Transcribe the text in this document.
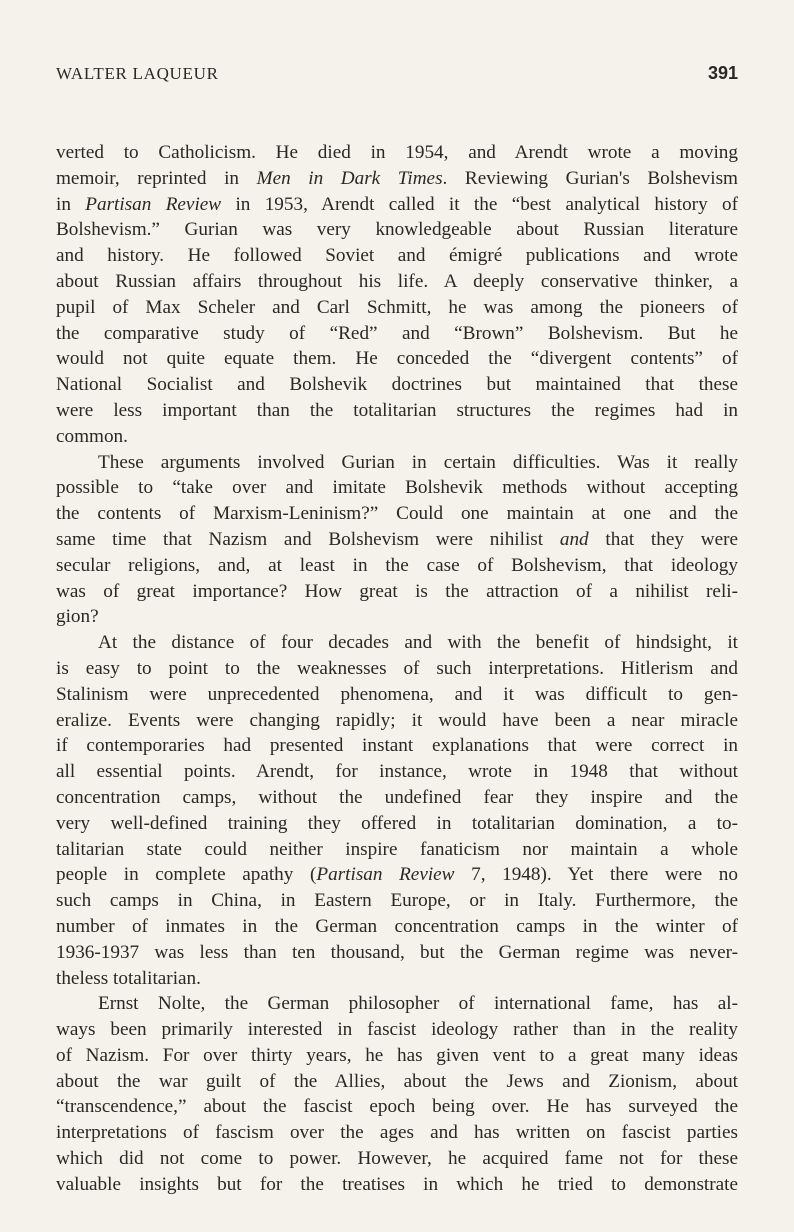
WALTER LAQUEUR	391
verted to Catholicism. He died in 1954, and Arendt wrote a moving
memoir, reprinted in Men in Dark Times. Reviewing Gurian's Bolshevism
in Partisan Review in 1953, Arendt called it the “best analytical history of
Bolshevism.” Gurian was very knowledgeable about Russian literature
and history. He followed Soviet and émigré publications and wrote
about Russian affairs throughout his life. A deeply conservative thinker, a
pupil of Max Scheler and Carl Schmitt, he was among the pioneers of
the comparative study of “Red” and “Brown” Bolshevism. But he
would not quite equate them. He conceded the “divergent contents” of
National Socialist and Bolshevik doctrines but maintained that these
were less important than the totalitarian structures the regimes had in
common.
These arguments involved Gurian in certain difficulties. Was it really
possible to “take over and imitate Bolshevik methods without accepting
the contents of Marxism-Leninism?” Could one maintain at one and the
same time that Nazism and Bolshevism were nihilist and that they were
secular religions, and, at least in the case of Bolshevism, that ideology
was of great importance? How great is the attraction of a nihilist reli-
gion?
At the distance of four decades and with the benefit of hindsight, it
is easy to point to the weaknesses of such interpretations. Hitlerism and
Stalinism were unprecedented phenomena, and it was difficult to gen-
eralize. Events were changing rapidly; it would have been a near miracle
if contemporaries had presented instant explanations that were correct in
all essential points. Arendt, for instance, wrote in 1948 that without
concentration camps, without the undefined fear they inspire and the
very well-defined training they offered in totalitarian domination, a to-
talitarian state could neither inspire fanaticism nor maintain a whole
people in complete apathy (Partisan Review 7, 1948). Yet there were no
such camps in China, in Eastern Europe, or in Italy. Furthermore, the
number of inmates in the German concentration camps in the winter of
1936-1937 was less than ten thousand, but the German regime was never-
theless totalitarian.
Ernst Nolte, the German philosopher of international fame, has al-
ways been primarily interested in fascist ideology rather than in the reality
of Nazism. For over thirty years, he has given vent to a great many ideas
about the war guilt of the Allies, about the Jews and Zionism, about
“transcendence,” about the fascist epoch being over. He has surveyed the
interpretations of fascism over the ages and has written on fascist parties
which did not come to power. However, he acquired fame not for these
valuable insights but for the treatises in which he tried to demonstrate
